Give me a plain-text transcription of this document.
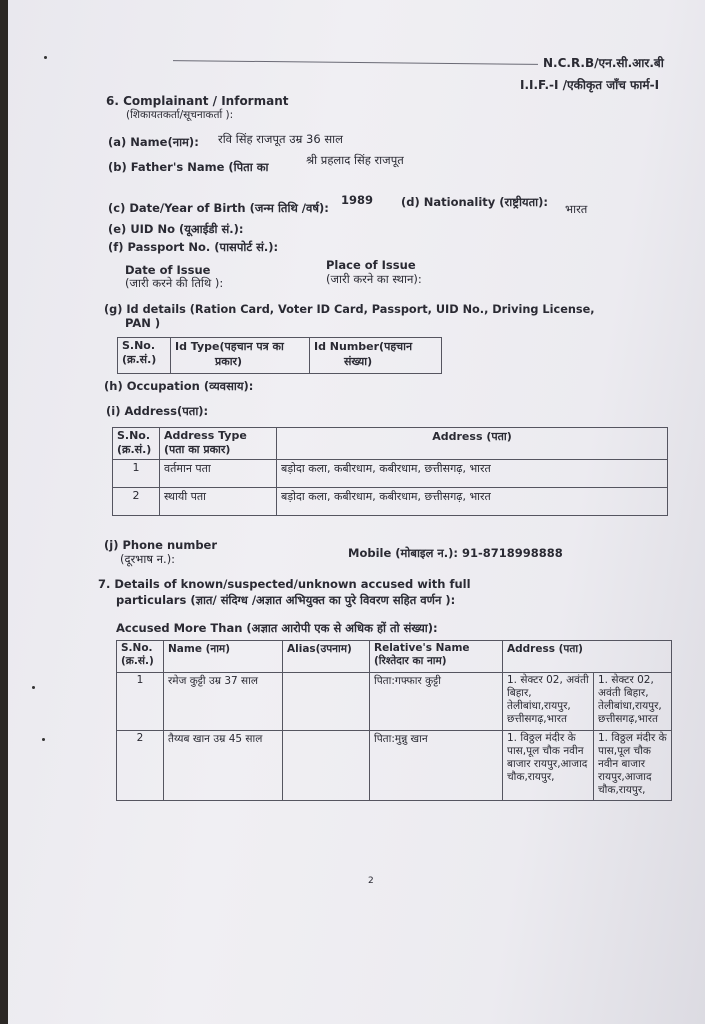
N.C.R.B/एन.सी.आर.बी
I.I.F.-I /एकीकृत जाँच फार्म-I
6. Complainant / Informant
(शिकायतकर्ता/सूचनाकर्ता ):
(a) Name(नाम): रवि सिंह राजपूत उम्र 36 साल
(b) Father's Name (पिता का	श्री प्रहलाद सिंह राजपूत
(c) Date/Year of Birth (जन्म तिथि /वर्ष):
1989 (d) Nationality (राष्ट्रीयता): भारत
(e) UID No (यूआईडी सं.):
(f) Passport No. (पासपोर्ट सं.):
Date of Issue
(जारी करने की तिथि ):
Place of Issue
(जारी करने का स्थान):
(g) Id details (Ration Card, Voter ID Card, Passport, UID No., Driving License,
PAN )
S.No.
(क्र.सं.)	Id Type(पहचान पत्र का
प्रकार)	Id Number(पहचान
संख्या)
(h) Occupation (व्यवसाय):
(i) Address(पता):
S.No.
(क्र.सं.)	Address Type
(पता का प्रकार)	Address (पता)
1	वर्तमान पता	बड़ोदा कला, कबीरधाम, कबीरधाम, छत्तीसगढ़, भारत
2	स्थायी पता	बड़ोदा कला, कबीरधाम, कबीरधाम, छत्तीसगढ़, भारत
(j) Phone number
(दूरभाष न.):	Mobile (मोबाइल न.): 91-8718998888
7. Details of known/suspected/unknown accused with full
particulars (ज्ञात/ संदिग्ध /अज्ञात अभियुक्त का पुरे विवरण सहित वर्णन ):
Accused More Than (अज्ञात आरोपी एक से अधिक हों तो संख्या):
S.No.
(क्र.सं.)	Name (नाम)	Alias(उपनाम)	Relative's Name
(रिश्तेदार का नाम)	Address (पता)	
1	रमेज कुट्टी उम्र 37 साल		पिता:गफ्फार कुट्टी	1. सेक्टर 02, अवंती बिहार, तेलीबांधा,रायपुर, छत्तीसगढ़,भारत	1. सेक्टर 02, अवंती बिहार, तेलीबांधा,रायपुर, छत्तीसगढ़,भारत
2	तैय्यब खान उम्र 45 साल		पिता:मुन्नु खान	1. विठ्ठल मंदीर के पास,पूल चौक नवीन बाजार रायपुर,आजाद चौक,रायपुर,	1. विठ्ठल मंदीर के पास,पूल चौक नवीन बाजार रायपुर,आजाद चौक,रायपुर,
2
